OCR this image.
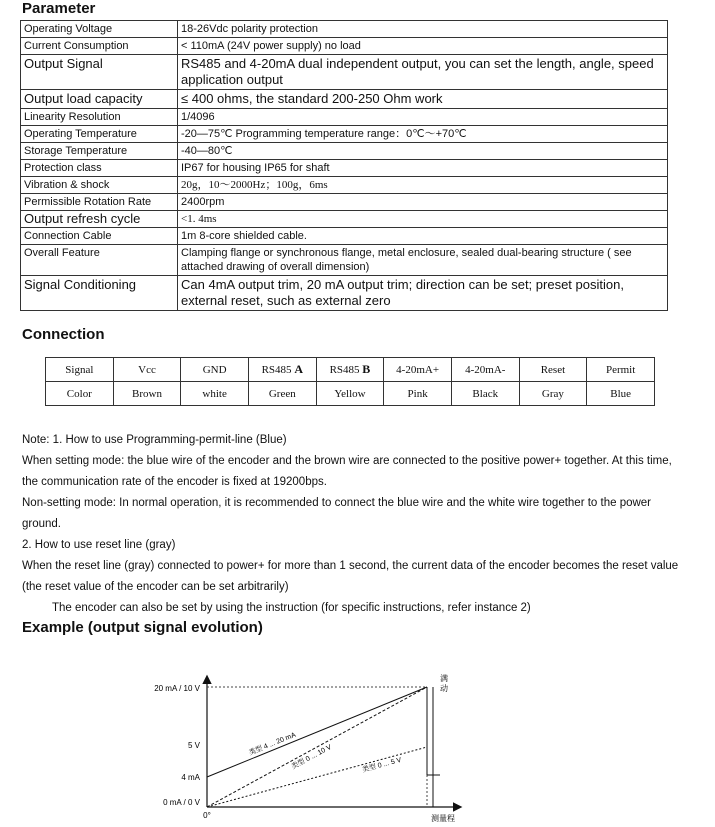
Parameter
Operating Voltage	18-26Vdc polarity protection
Current Consumption	< 110mA (24V power supply) no load
Output Signal	RS485 and 4-20mA dual independent output, you can set the length, angle, speed application output
Output load capacity	≤ 400 ohms, the standard 200-250 Ohm work
Linearity Resolution	1/4096
Operating Temperature	-20—75℃ Programming temperature range：0℃～+70℃
Storage Temperature	-40—80℃
Protection class	IP67 for housing IP65 for shaft
Vibration & shock	20g，10～2000Hz；100g，6ms
Permissible Rotation Rate	2400rpm
Output refresh cycle	<1. 4ms
Connection Cable	1m 8-core shielded cable.
Overall Feature	Clamping flange or synchronous flange, metal enclosure, sealed dual-bearing structure ( see attached drawing of overall dimension)
Signal Conditioning	Can 4mA output trim, 20 mA output trim; direction can be set; preset position, external reset, such as external zero
Connection
Signal	Vcc	GND	RS485 A	RS485 B	4-20mA+	4-20mA-	Reset	Permit
Color	Brown	white	Green	Yellow	Pink	Black	Gray	Blue

Note: 1. How to use Programming-permit-line (Blue)

When setting mode: the blue wire of the encoder and the brown wire are connected to the positive power+ together. At this time, the communication rate of the encoder is fixed at 19200bps.

Non-setting mode: In normal operation, it is recommended to connect the blue wire and the white wire together to the power ground.

2. How to use reset line (gray)

When the reset line (gray) connected to power+ for more than 1 second, the current data of the encoder becomes the reset value (the reset value of the encoder can be set arbitrarily)

The encoder can also be set by using the instruction (for specific instructions, refer instance 2)

Example (output signal evolution)
20 mA / 10 V
5 V
4 mA
0 mA / 0 V
0°	测量程
满
动
类型 4 ... 20 mA
类型 0 ... 10 V	类型 0 ... 5 V
